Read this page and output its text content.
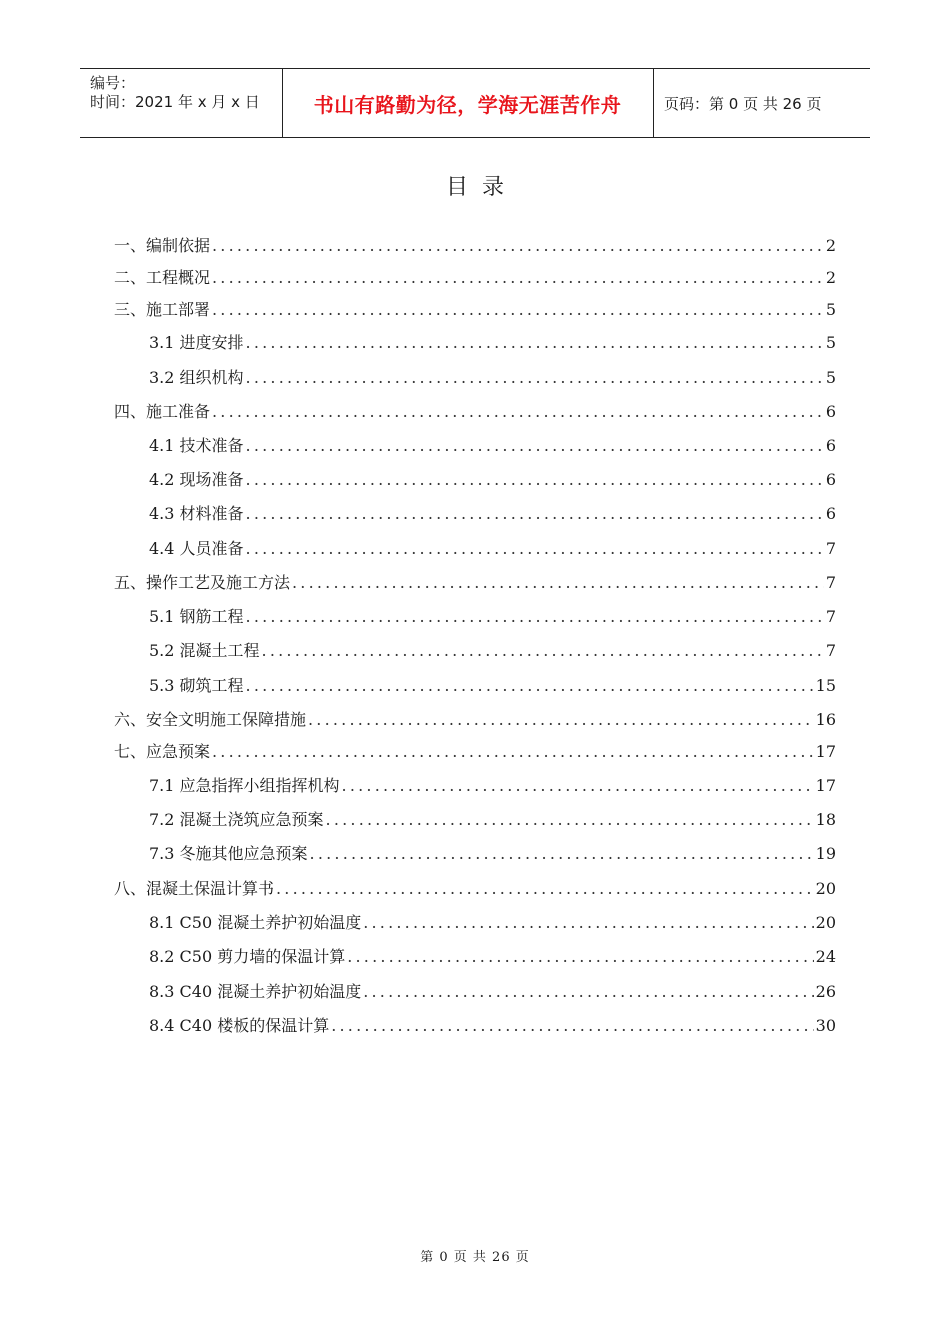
编号：
时间：2021 年 x 月 x 日	书山有路勤为径，学海无涯苦作舟	页码：第 0 页 共 26 页
目录
一、编制依据 .....	2
二、工程概况 .....	2
三、施工部署 .....	5
3.1 进度安排 .....	5
3.2 组织机构 .....	5
四、施工准备 .....	6
4.1 技术准备 .....	6
4.2 现场准备 .....	6
4.3 材料准备 .....	6
4.4 人员准备 .....	7
五、操作工艺及施工方法 .....	7
5.1 钢筋工程 .....	7
5.2 混凝土工程 .....	7
5.3 砌筑工程 .....	15
六、安全文明施工保障措施 .....	16
七、应急预案 .....	17
7.1 应急指挥小组指挥机构 .....	17
7.2 混凝土浇筑应急预案 .....	18
7.3 冬施其他应急预案 .....	19
八、混凝土保温计算书 .....	20
8.1 C50 混凝土养护初始温度 .....	20
8.2 C50 剪力墙的保温计算 .....	24
8.3 C40 混凝土养护初始温度 .....	26
8.4 C40 楼板的保温计算 .....	30
第 0 页 共 26 页
